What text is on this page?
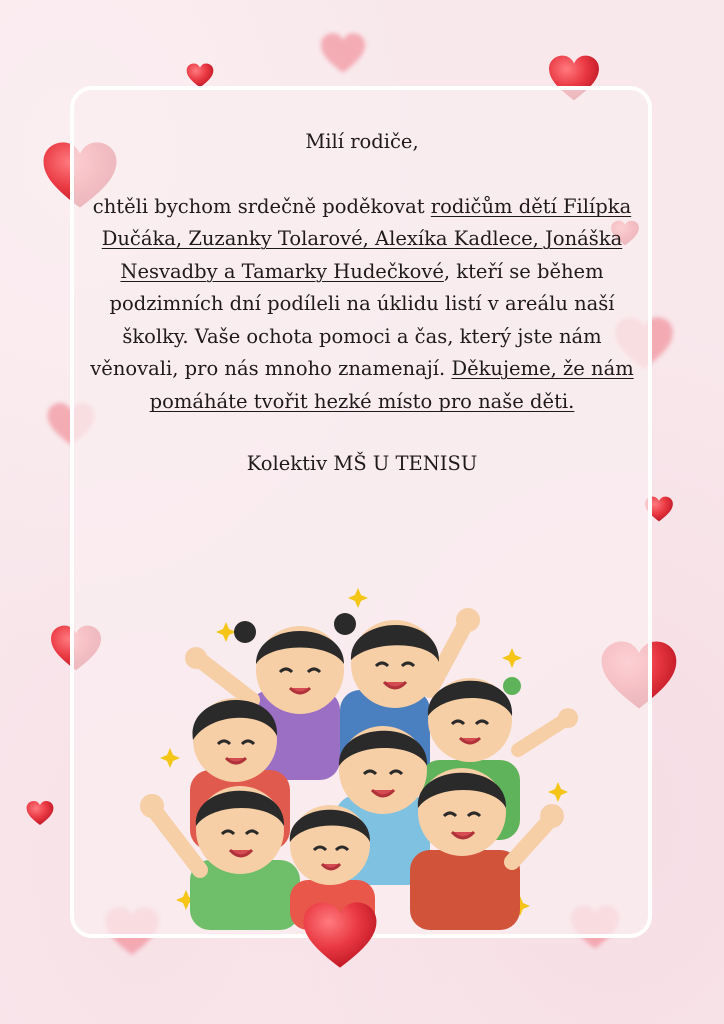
Milí rodiče,

chtěli bychom srdečně poděkovat rodičům dětí Filípka Dučáka, Zuzanky Tolarové, Alexíka Kadlece, Jonáška Nesvadby a Tamarky Hudečkové, kteří se během podzimních dní podíleli na úklidu listí v areálu naší školky. Vaše ochota pomoci a čas, který jste nám věnovali, pro nás mnoho znamenají. Děkujeme, že nám pomáháte tvořit hezké místo pro naše děti.

Kolektiv MŠ U TENISU
